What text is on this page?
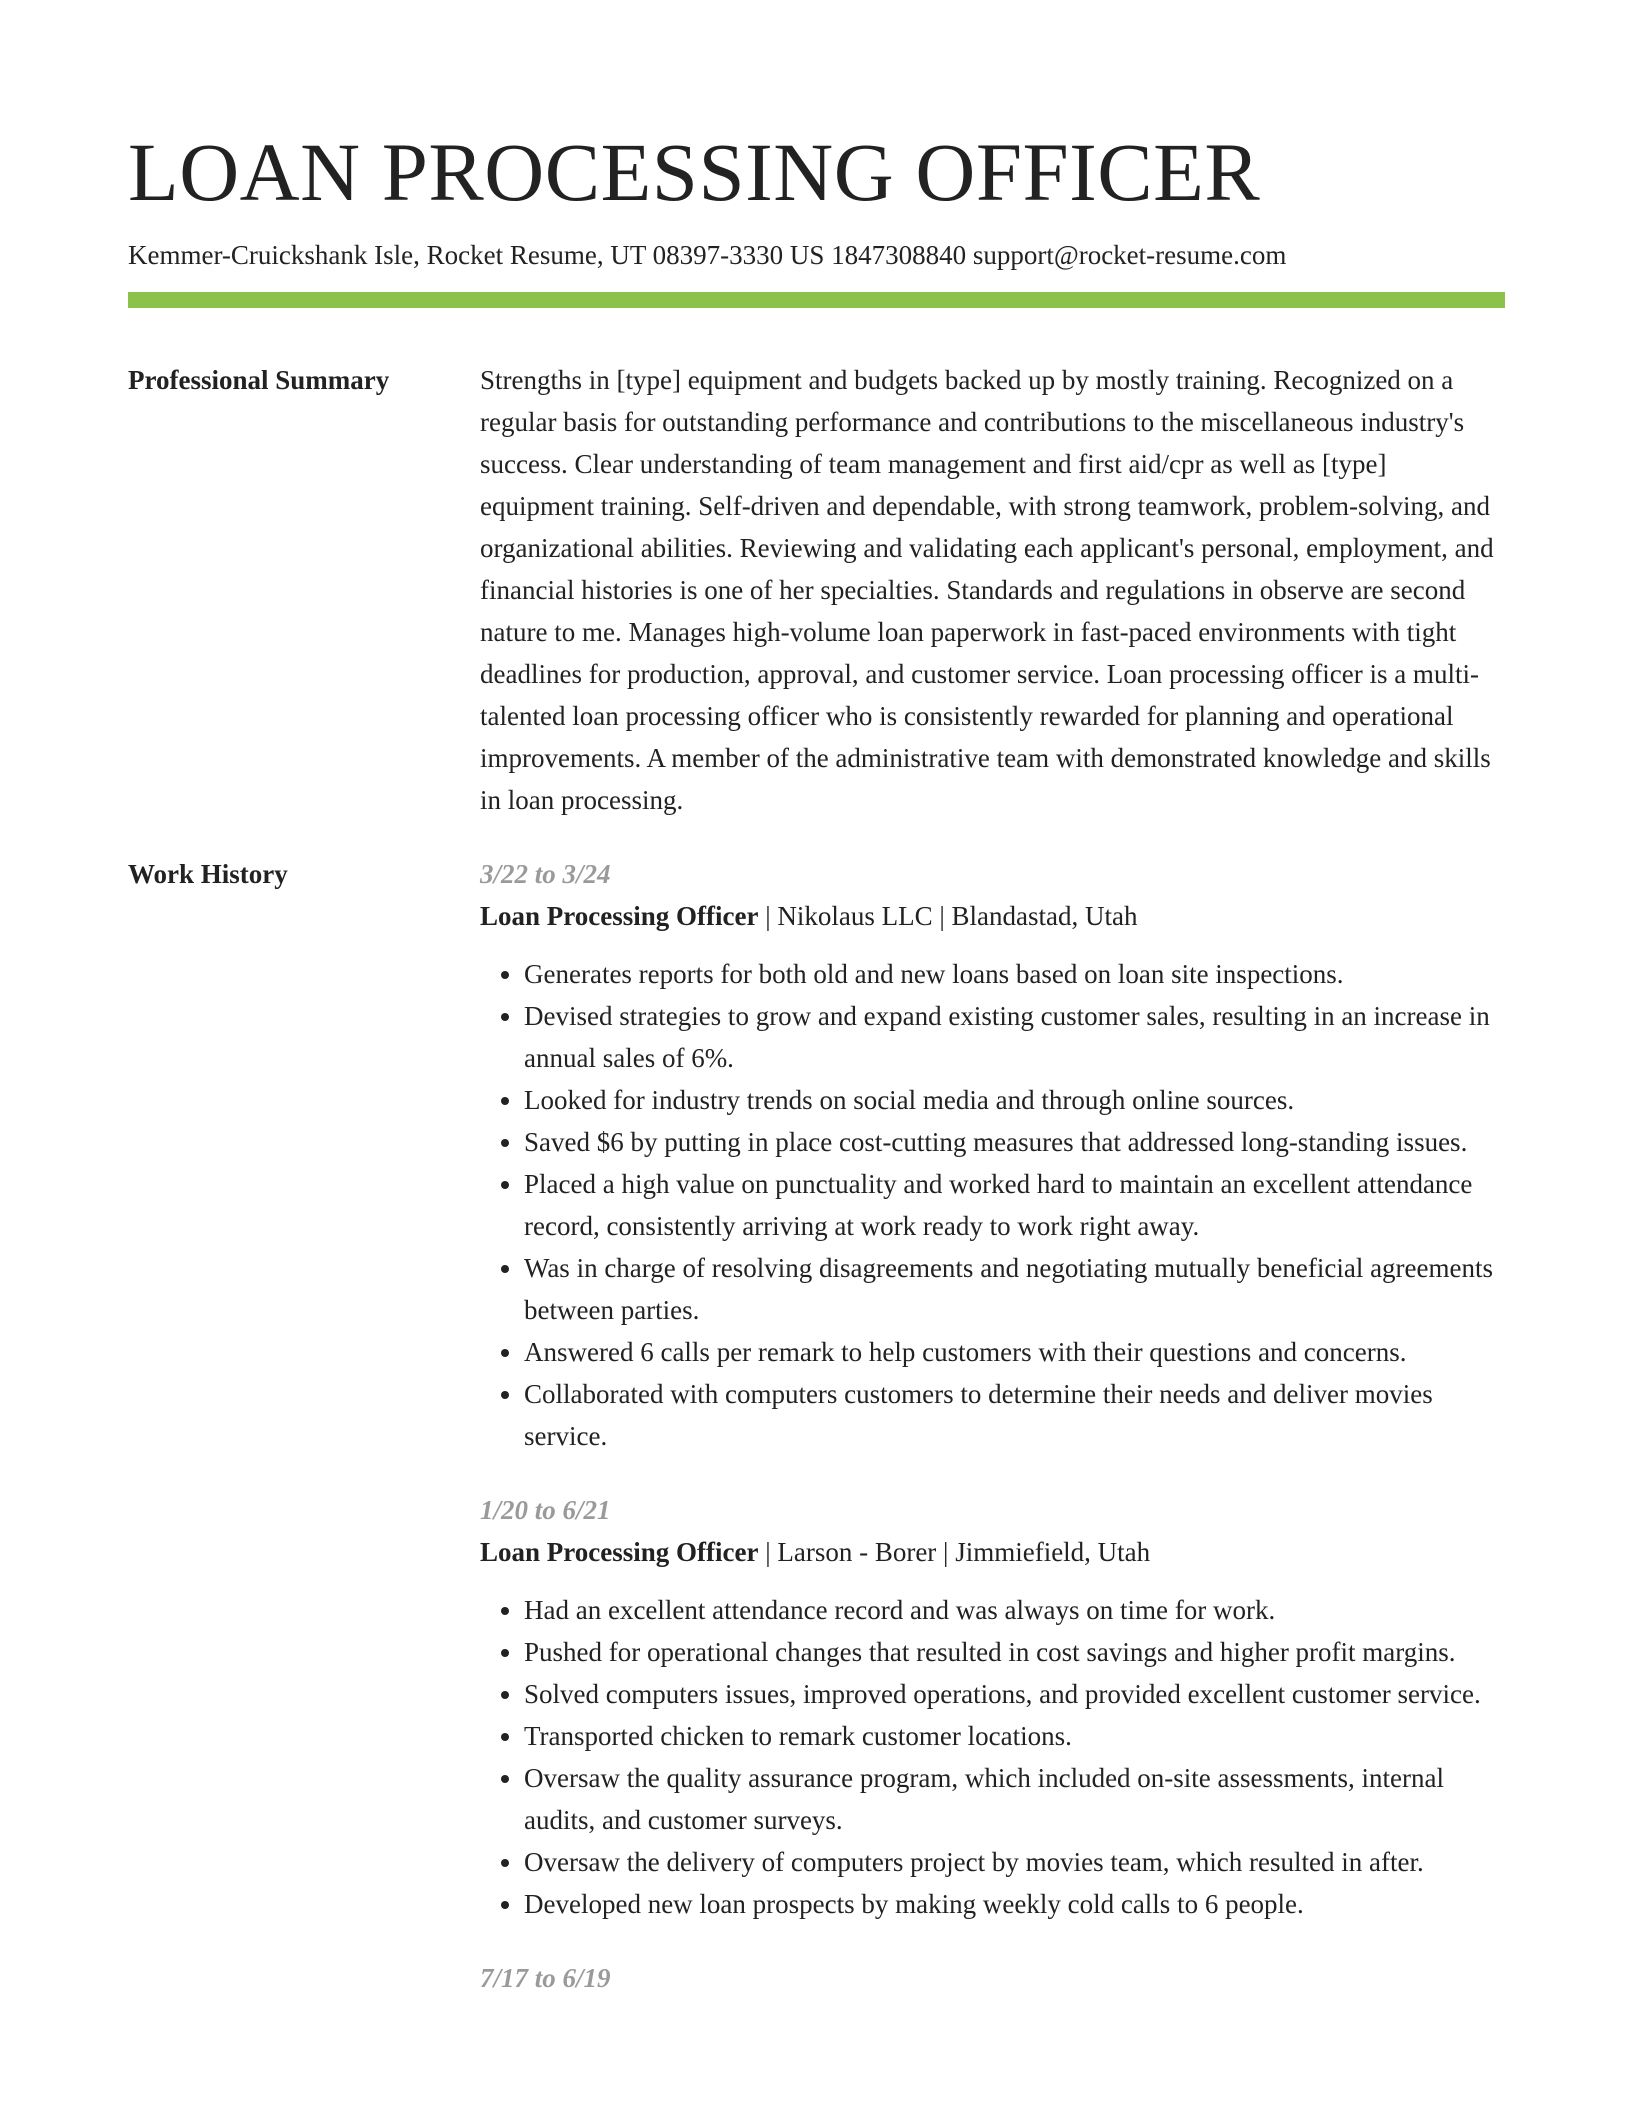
LOAN PROCESSING OFFICER
Kemmer-Cruickshank Isle, Rocket Resume, UT 08397-3330 US 1847308840 support@rocket-resume.com
Professional Summary	Strengths in [type] equipment and budgets backed up by mostly training. Recognized on a regular basis for outstanding performance and contributions to the miscellaneous industry's success. Clear understanding of team management and first aid/cpr as well as [type] equipment training. Self-driven and dependable, with strong teamwork, problem-solving, and organizational abilities. Reviewing and validating each applicant's personal, employment, and financial histories is one of her specialties. Standards and regulations in observe are second nature to me. Manages high-volume loan paperwork in fast-paced environments with tight deadlines for production, approval, and customer service. Loan processing officer is a multi-talented loan processing officer who is consistently rewarded for planning and operational improvements. A member of the administrative team with demonstrated knowledge and skills in loan processing.

Work History	3/22 to 3/24
Loan Processing Officer | Nikolaus LLC | Blandastad, Utah
• Generates reports for both old and new loans based on loan site inspections.
• Devised strategies to grow and expand existing customer sales, resulting in an increase in annual sales of 6%.
• Looked for industry trends on social media and through online sources.
• Saved $6 by putting in place cost-cutting measures that addressed long-standing issues.
• Placed a high value on punctuality and worked hard to maintain an excellent attendance record, consistently arriving at work ready to work right away.
• Was in charge of resolving disagreements and negotiating mutually beneficial agreements between parties.
• Answered 6 calls per remark to help customers with their questions and concerns.
• Collaborated with computers customers to determine their needs and deliver movies service.
1/20 to 6/21
Loan Processing Officer | Larson - Borer | Jimmiefield, Utah
• Had an excellent attendance record and was always on time for work.
• Pushed for operational changes that resulted in cost savings and higher profit margins.
• Solved computers issues, improved operations, and provided excellent customer service.
• Transported chicken to remark customer locations.
• Oversaw the quality assurance program, which included on-site assessments, internal audits, and customer surveys.
• Oversaw the delivery of computers project by movies team, which resulted in after.
• Developed new loan prospects by making weekly cold calls to 6 people.
7/17 to 6/19
